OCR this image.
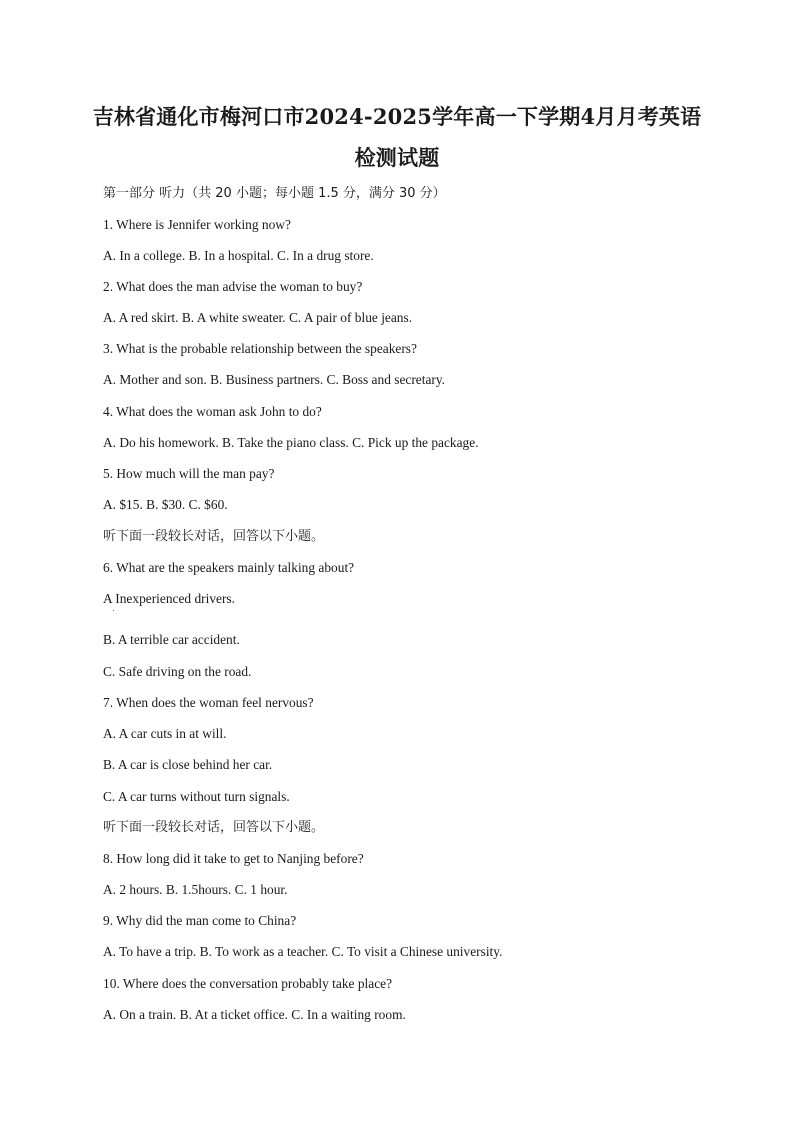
吉林省通化市梅河口市2024-2025学年高一下学期4月月考英语
检测试题
第一部分 听力（共 20 小题；每小题 1.5 分，满分 30 分）
1. Where is Jennifer working now?
A. In a college. B. In a hospital. C. In a drug store.
2. What does the man advise the woman to buy?
A. A red skirt. B. A white sweater. C. A pair of blue jeans.
3. What is the probable relationship between the speakers?
A. Mother and son. B. Business partners. C. Boss and secretary.
4. What does the woman ask John to do?
A. Do his homework. B. Take the piano class. C. Pick up the package.
5. How much will the man pay?
A. $15. B. $30. C. $60.
听下面一段较长对话，回答以下小题。
6. What are the speakers mainly talking about?
A Inexperienced drivers.
B. A terrible car accident.
C. Safe driving on the road.
7. When does the woman feel nervous?
A. A car cuts in at will.
B. A car is close behind her car.
C. A car turns without turn signals.
听下面一段较长对话，回答以下小题。
8. How long did it take to get to Nanjing before?
A. 2 hours. B. 1.5hours. C. 1 hour.
9. Why did the man come to China?
A. To have a trip. B. To work as a teacher. C. To visit a Chinese university.
10. Where does the conversation probably take place?
A. On a train. B. At a ticket office. C. In a waiting room.
